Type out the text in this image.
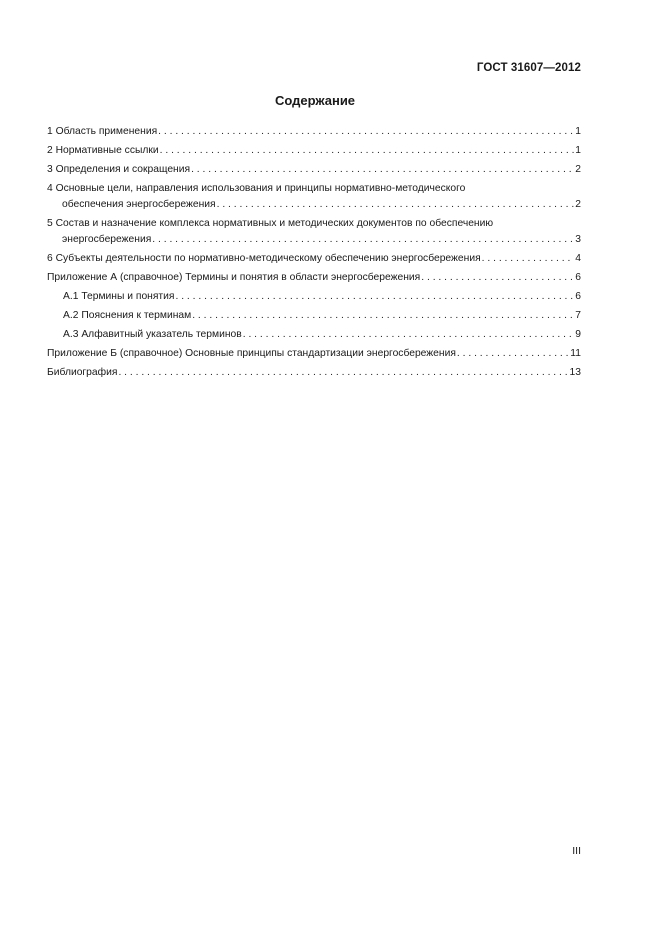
ГОСТ 31607—2012
Содержание
1 Область применения . . .	1
2 Нормативные ссылки . . .	1
3 Определения и сокращения . . .	2
4 Основные цели, направления использования и принципы нормативно-методического
обеспечения энергосбережения . . .	2
5 Состав и назначение комплекса нормативных и методических документов по обеспечению
энергосбережения . . .	3
6 Субъекты деятельности по нормативно-методическому обеспечению энергосбережения . . .	4
Приложение А (справочное) Термины и понятия в области энергосбережения . . .	6
А.1 Термины и понятия . . .	6
А.2 Пояснения к терминам . . .	7
А.3 Алфавитный указатель терминов . . .	9
Приложение Б (справочное) Основные принципы стандартизации энергосбережения . . .	11
Библиография . . .	13
III
